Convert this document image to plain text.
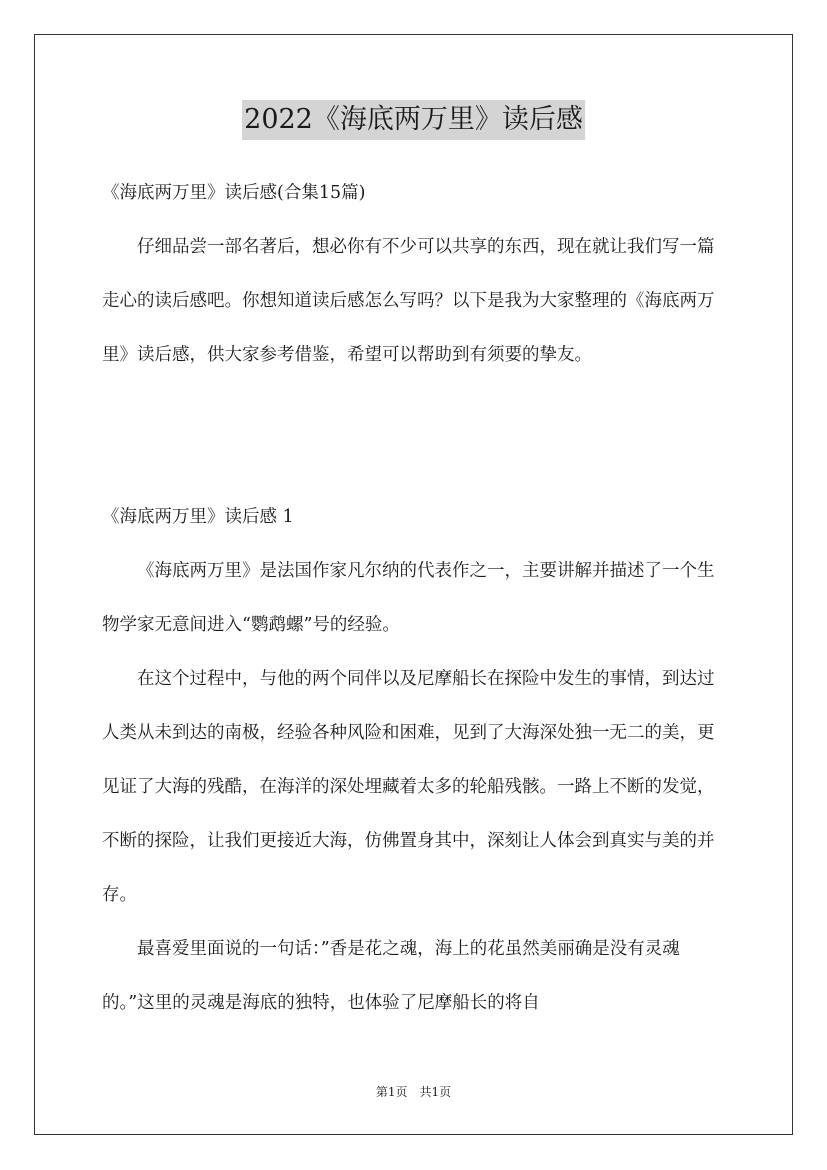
2022《海底两万里》读后感
《海底两万里》读后感(合集15篇)
仔细品尝一部名著后，想必你有不少可以共享的东西，现在就让我们写一篇走心的读后感吧。你想知道读后感怎么写吗？以下是我为大家整理的《海底两万里》读后感，供大家参考借鉴，希望可以帮助到有须要的挚友。
《海底两万里》读后感 1

《海底两万里》是法国作家凡尔纳的代表作之一，主要讲解并描述了一个生物学家无意间进入“鹦鹉螺”号的经验。

在这个过程中，与他的两个同伴以及尼摩船长在探险中发生的事情，到达过人类从未到达的南极，经验各种风险和困难，见到了大海深处独一无二的美，更见证了大海的残酷，在海洋的深处埋藏着太多的轮船残骸。一路上不断的发觉，不断的探险，让我们更接近大海，仿佛置身其中，深刻让人体会到真实与美的并存。

最喜爱里面说的一句话：”香是花之魂，海上的花虽然美丽确是没有灵魂的。”这里的灵魂是海底的独特，也体验了尼摩船长的将自

第1页　共1页
